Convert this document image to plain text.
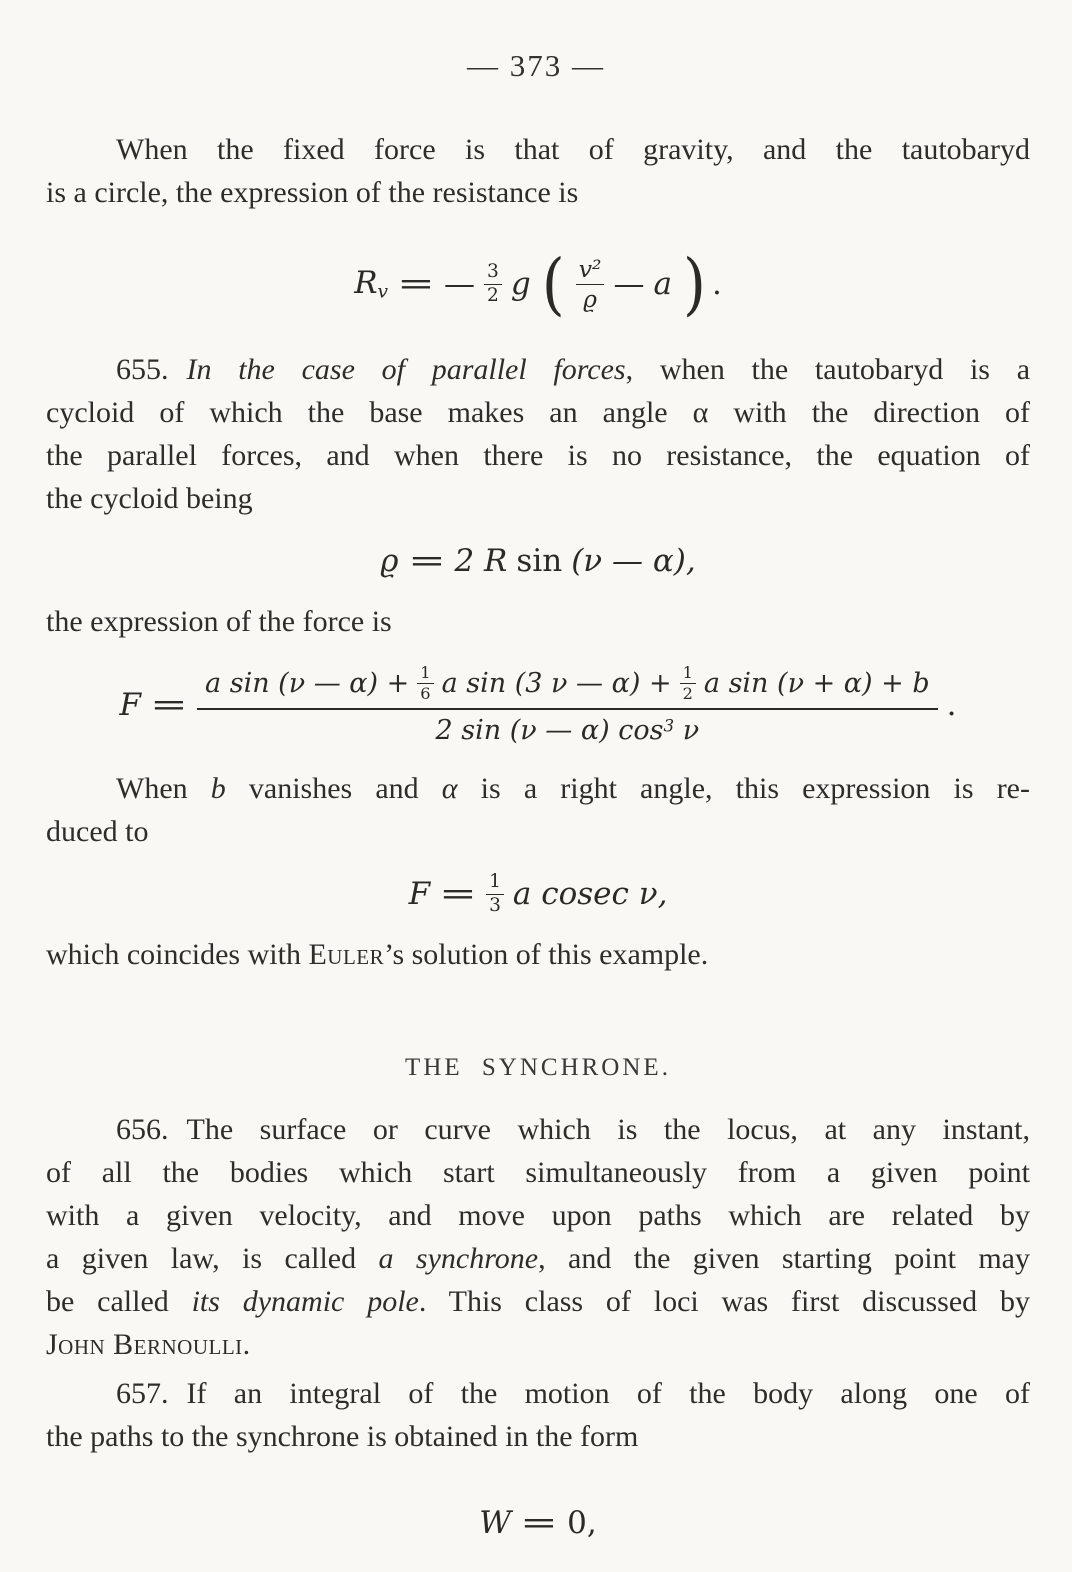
— 373 —
When the fixed force is that of gravity, and the tautobaryd
is a circle, the expression of the resistance is
Rv = — $\frac{3}{2}$ g ( $\frac{\text{v²}}{ϱ}$ — a ) .
655. In the case of parallel forces, when the tautobaryd is a
cycloid of which the base makes an angle α with the direction of
the parallel forces, and when there is no resistance, the equation of
the cycloid being
ϱ = 2 R sin (ν — α),
the expression of the force is
F =
a sin (ν — $\alpha) + \frac{1}{6}$ a sin (3 ν — $\alpha) + \frac{1}{2}$ a sin (ν + α) + b
2 sin (ν — α) $\cos^3 \nu$
.
When b vanishes and α is a right angle, this expression is re-
duced to
$F = \frac{1}{3}$ a cosec ν,
which coincides with Euler’s solution of this example.
THE SYNCHRONE.
656. The surface or curve which is the locus, at any instant,
of all the bodies which start simultaneously from a given point
with a given velocity, and move upon paths which are related by
a given law, is called a synchrone, and the given starting point may
be called its dynamic pole. This class of loci was first discussed by
John Bernoulli.
657. If an integral of the motion of the body along one of
the paths to the synchrone is obtained in the form
W = 0,
